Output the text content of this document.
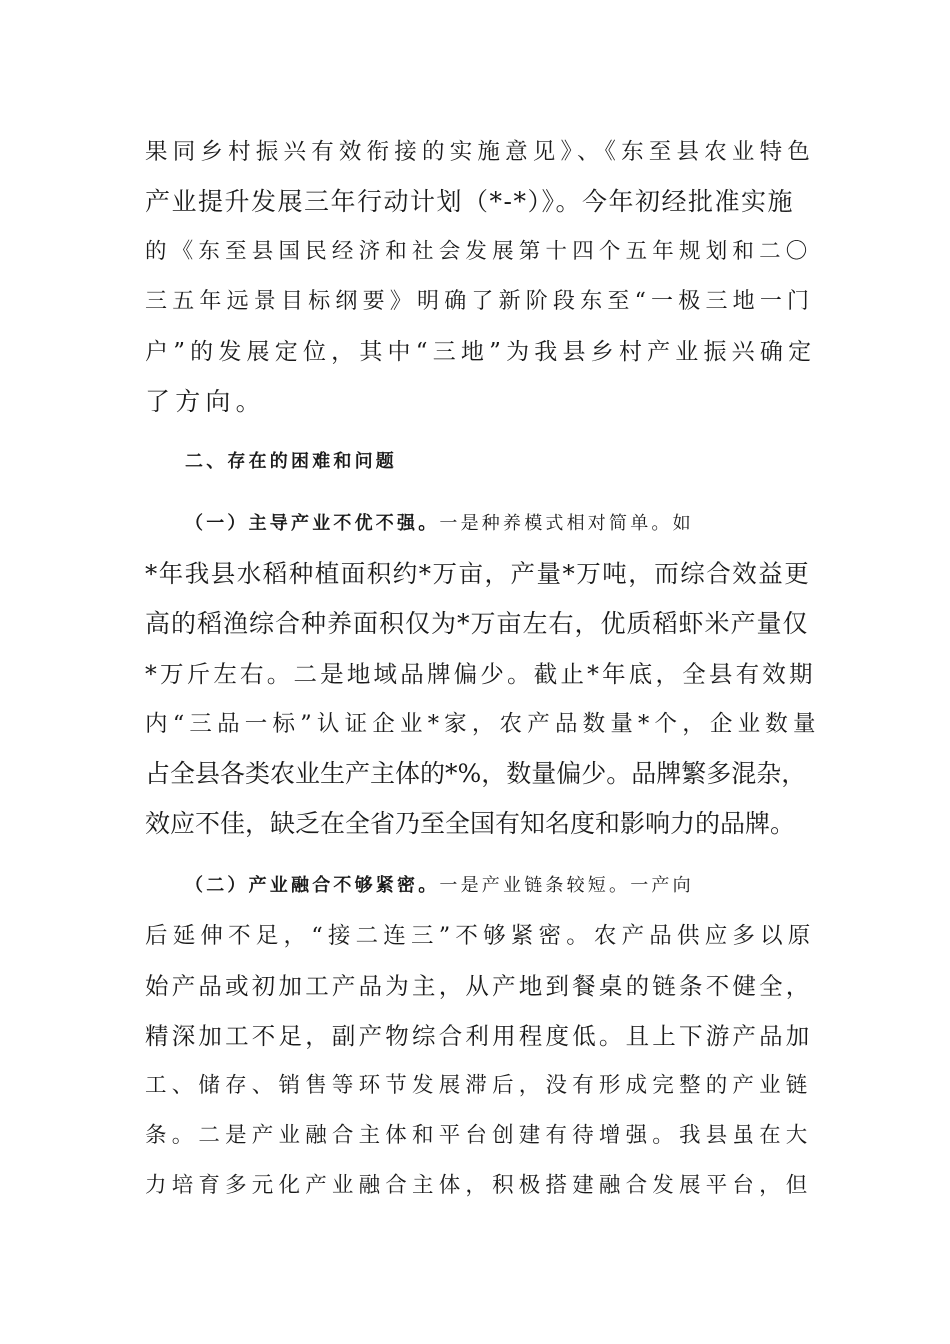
果同乡村振兴有效衔接的实施意见》、《东至县农业特色
产业提升发展三年行动计划（*-*）》。今年初经批准实施
的《东至县国民经济和社会发展第十四个五年规划和二〇
三五年远景目标纲要》明确了新阶段东至“一极三地一门
户”的发展定位，其中“三地”为我县乡村产业振兴确定
了方向。
二、存在的困难和问题
（一）主导产业不优不强。一是种养模式相对简单。如
*年我县水稻种植面积约*万亩，产量*万吨，而综合效益更
高的稻渔综合种养面积仅为*万亩左右，优质稻虾米产量仅
*万斤左右。二是地域品牌偏少。截止*年底，全县有效期
内“三品一标”认证企业*家，农产品数量*个，企业数量
占全县各类农业生产主体的*%，数量偏少。品牌繁多混杂，
效应不佳，缺乏在全省乃至全国有知名度和影响力的品牌。
（二）产业融合不够紧密。一是产业链条较短。一产向
后延伸不足，“接二连三”不够紧密。农产品供应多以原
始产品或初加工产品为主，从产地到餐桌的链条不健全，
精深加工不足，副产物综合利用程度低。且上下游产品加
工、储存、销售等环节发展滞后，没有形成完整的产业链
条。二是产业融合主体和平台创建有待增强。我县虽在大
力培育多元化产业融合主体，积极搭建融合发展平台，但
